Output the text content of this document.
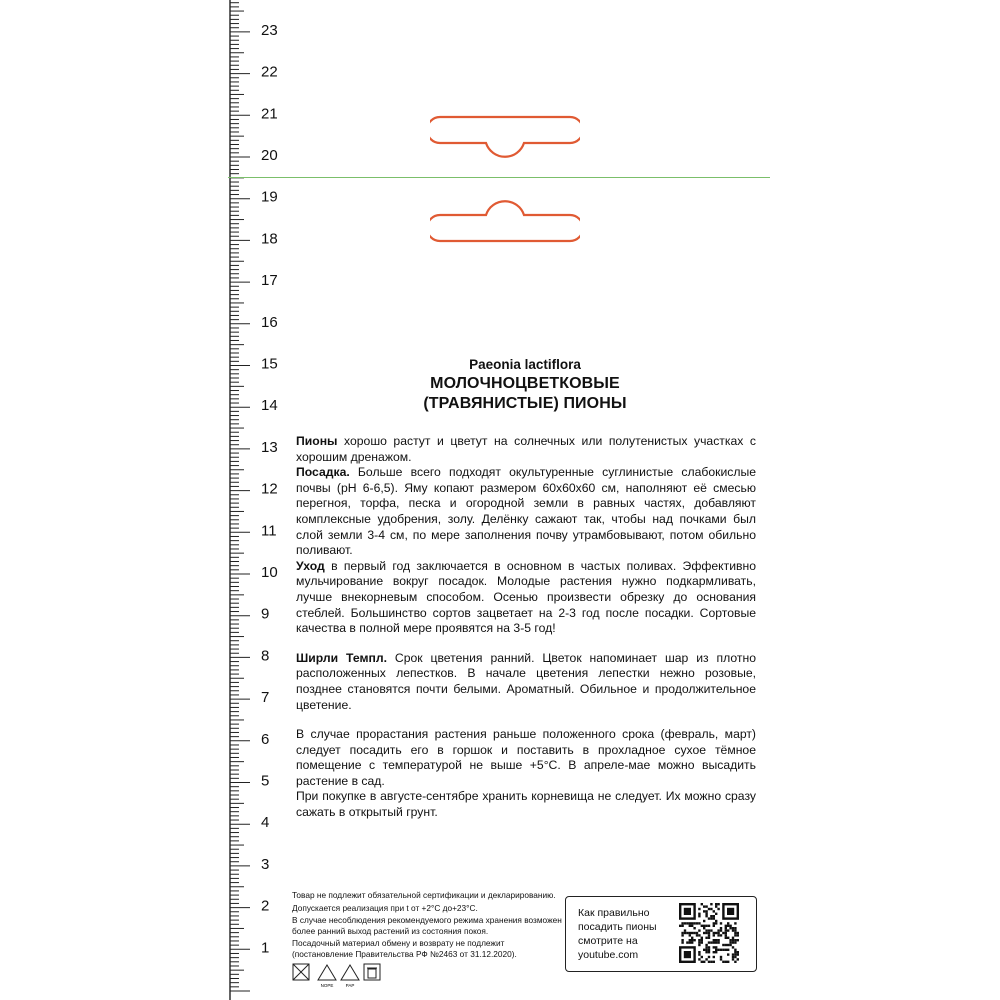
23
22
21
20
19
18
17
16
15
14
13
12
11
10
9
8
7
6
5
4
3
2
1
Paeonia lactiflora
МОЛОЧНОЦВЕТКОВЫЕ
(ТРАВЯНИСТЫЕ) ПИОНЫ

Пионы хорошо растут и цветут на солнечных или полутенистых участках с хорошим дренажом.

Посадка. Больше всего подходят окультуренные суглинистые слабокислые почвы (pH 6-6,5). Яму копают размером 60х60х60 см, наполняют её смесью перегноя, торфа, песка и огородной земли в равных частях, добавляют комплексные удобрения, золу. Делёнку сажают так, чтобы над почками был слой земли 3-4 см, по мере заполнения почву утрамбовывают, потом обильно поливают.

Уход в первый год заключается в основном в частых поливах. Эффективно мульчирование вокруг посадок. Молодые растения нужно подкармливать, лучше внекорневым способом. Осенью произвести обрезку до основания стеблей. Большинство сортов зацветает на 2-3 год после посадки. Сортовые качества в полной мере проявятся на 3-5 год!

Ширли Темпл. Срок цветения ранний. Цветок напоминает шар из плотно расположенных лепестков. В начале цветения лепестки нежно розовые, позднее становятся почти белыми. Ароматный. Обильное и продолжительное цветение.

В случае прорастания растения раньше положенного срока (февраль, март) следует посадить его в горшок и поставить в прохладное сухое тёмное помещение с температурой не выше +5°С. В апреле-мае можно высадить растение в сад.

При покупке в августе-сентябре хранить корневища не следует. Их можно сразу сажать в открытый грунт.

Товар не подлежит обязательной сертификации и декларированию.

Допускается реализация при t от +2°С до+23°С.

В случае несоблюдения рекомендуемого режима хранения возможен более ранний выход растений из состояния покоя.

Посадочный материал обмену и возврату не подлежит

(постановление Правительства РФ №2463 от 31.12.2020).

NOPE	PAP
Как правильно посадить пионы смотрите на youtube.com
